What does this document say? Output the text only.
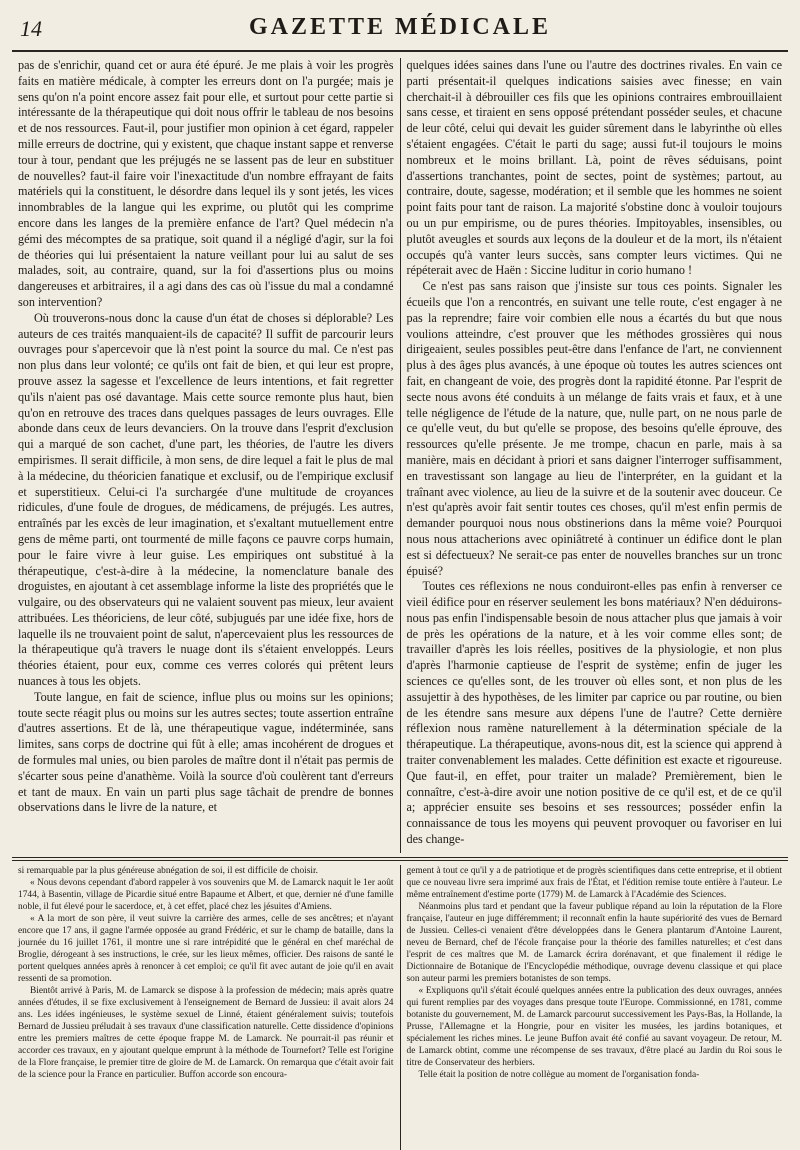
14	GAZETTE MÉDICALE

pas de s'enrichir, quand cet or aura été épuré. Je me plais à voir les progrès faits en matière médicale, à compter les erreurs dont on l'a purgée; mais je sens qu'on n'a point encore assez fait pour elle, et surtout pour cette partie si intéressante de la thérapeutique qui doit nous offrir le tableau de nos besoins et de nos ressources. Faut-il, pour justifier mon opinion à cet égard, rappeler mille erreurs de doctrine, qui y existent, que chaque instant sappe et renverse tour à tour, pendant que les préjugés ne se lassent pas de leur en substituer de nouvelles? faut-il faire voir l'inexactitude d'un nombre effrayant de faits matériels qui la constituent, le désordre dans lequel ils y sont jetés, les vices innombrables de la langue qui les exprime, ou plutôt qui les comprime encore dans les langes de la première enfance de l'art? Quel médecin n'a gémi des mécomptes de sa pratique, soit quand il a négligé d'agir, sur la foi de théories qui lui présentaient la nature veillant pour lui au salut de ses malades, soit, au contraire, quand, sur la foi d'assertions plus ou moins dangereuses et arbitraires, il a agi dans des cas où l'issue du mal a condamné son intervention?

Où trouverons-nous donc la cause d'un état de choses si déplorable? Les auteurs de ces traités manquaient-ils de capacité? Il suffit de parcourir leurs ouvrages pour s'apercevoir que là n'est point la source du mal. Ce n'est pas non plus dans leur volonté; ce qu'ils ont fait de bien, et qui leur est propre, prouve assez la sagesse et l'excellence de leurs intentions, et fait regretter qu'ils n'aient pas osé davantage. Mais cette source remonte plus haut, bien qu'on en retrouve des traces dans quelques passages de leurs ouvrages. Elle abonde dans ceux de leurs devanciers. On la trouve dans l'esprit d'exclusion qui a marqué de son cachet, d'une part, les théories, de l'autre les divers empirismes. Il serait difficile, à mon sens, de dire lequel a fait le plus de mal à la médecine, du théoricien fanatique et exclusif, ou de l'empirique exclusif et superstitieux. Celui-ci l'a surchargée d'une multitude de croyances ridicules, d'une foule de drogues, de médicamens, de préjugés. Les autres, entraînés par les excès de leur imagination, et s'exaltant mutuellement entre gens de même parti, ont tourmenté de mille façons ce pauvre corps humain, pour le faire vivre à leur guise. Les empiriques ont substitué à la thérapeutique, c'est-à-dire à la médecine, la nomenclature banale des droguistes, en ajoutant à cet assemblage informe la liste des propriétés que le vulgaire, ou des observateurs qui ne valaient souvent pas mieux, leur avaient attribuées. Les théoriciens, de leur côté, subjugués par une idée fixe, hors de laquelle ils ne trouvaient point de salut, n'apercevaient plus les ressources de la thérapeutique qu'à travers le nuage dont ils s'étaient enveloppés. Leurs théories étaient, pour eux, comme ces verres colorés qui prêtent leurs nuances à tous les objets.

Toute langue, en fait de science, influe plus ou moins sur les opinions; toute secte réagit plus ou moins sur les autres sectes; toute assertion entraîne d'autres assertions. Et de là, une thérapeutique vague, indéterminée, sans limites, sans corps de doctrine qui fût à elle; amas incohérent de drogues et de formules mal unies, ou bien paroles de maître dont il n'était pas permis de s'écarter sous peine d'anathème. Voilà la source d'où coulèrent tant d'erreurs et tant de maux. En vain un parti plus sage tâchait de prendre de bonnes observations dans le livre de la nature, et

quelques idées saines dans l'une ou l'autre des doctrines rivales. En vain ce parti présentait-il quelques indications saisies avec finesse; en vain cherchait-il à débrouiller ces fils que les opinions contraires embrouillaient sans cesse, et tiraient en sens opposé prétendant posséder seules, et chacune de leur côté, celui qui devait les guider sûrement dans le labyrinthe où elles s'étaient engagées. C'était le parti du sage; aussi fut-il toujours le moins nombreux et le moins brillant. Là, point de rêves séduisans, point d'assertions tranchantes, point de sectes, point de systèmes; partout, au contraire, doute, sagesse, modération; et il semble que les hommes ne soient point faits pour tant de raison. La majorité s'obstine donc à vouloir toujours ou un pur empirisme, ou de pures théories. Impitoyables, insensibles, ou plutôt aveugles et sourds aux leçons de la douleur et de la mort, ils n'étaient occupés qu'à vanter leurs succès, sans compter leurs victimes. Qui ne répéterait avec de Haën : Siccine luditur in corio humano !

Ce n'est pas sans raison que j'insiste sur tous ces points. Signaler les écueils que l'on a rencontrés, en suivant une telle route, c'est engager à ne pas la reprendre; faire voir combien elle nous a écartés du but que nous voulions atteindre, c'est prouver que les méthodes grossières qui nous dirigeaient, seules possibles peut-être dans l'enfance de l'art, ne conviennent plus à des âges plus avancés, à une époque où toutes les autres sciences ont fait, en changeant de voie, des progrès dont la rapidité étonne. Par l'esprit de secte nous avons été conduits à un mélange de faits vrais et faux, et à une telle négligence de l'étude de la nature, que, nulle part, on ne nous parle de ce qu'elle veut, du but qu'elle se propose, des besoins qu'elle éprouve, des ressources qu'elle présente. Je me trompe, chacun en parle, mais à sa manière, mais en décidant à priori et sans daigner l'interroger suffisamment, en travestissant son langage au lieu de l'interpréter, en la guidant et la traînant avec violence, au lieu de la suivre et de la soutenir avec douceur. Ce n'est qu'après avoir fait sentir toutes ces choses, qu'il m'est enfin permis de demander pourquoi nous nous obstinerions dans la même voie? Pourquoi nous nous attacherions avec opiniâtreté à continuer un édifice dont le plan est si défectueux? Ne serait-ce pas enter de nouvelles branches sur un tronc épuisé?

Toutes ces réflexions ne nous conduiront-elles pas enfin à renverser ce vieil édifice pour en réserver seulement les bons matériaux? N'en déduirons-nous pas enfin l'indispensable besoin de nous attacher plus que jamais à voir de près les opérations de la nature, et à les voir comme elles sont; de travailler d'après les lois réelles, positives de la physiologie, et non plus d'après l'harmonie captieuse de l'esprit de système; enfin de juger les sciences ce qu'elles sont, de les trouver où elles sont, et non plus de les assujettir à des hypothèses, de les limiter par caprice ou par routine, ou bien de les étendre sans mesure aux dépens l'une de l'autre? Cette dernière réflexion nous ramène naturellement à la détermination spéciale de la thérapeutique. La thérapeutique, avons-nous dit, est la science qui apprend à traiter convenablement les malades. Cette définition est exacte et rigoureuse. Que faut-il, en effet, pour traiter un malade? Premièrement, bien le connaître, c'est-à-dire avoir une notion positive de ce qu'il est, et de ce qu'il a; apprécier ensuite ses besoins et ses ressources; posséder enfin la connaissance de tous les moyens qui peuvent provoquer ou favoriser en lui des change-

si remarquable par la plus généreuse abnégation de soi, il est difficile de choisir.

« Nous devons cependant d'abord rappeler à vos souvenirs que M. de Lamarck naquit le 1er août 1744, à Basentin, village de Picardie situé entre Bapaume et Albert, et que, dernier né d'une famille noble, il fut élevé pour le sacerdoce, et, à cet effet, placé chez les jésuites d'Amiens.

« A la mort de son père, il veut suivre la carrière des armes, celle de ses ancêtres; et n'ayant encore que 17 ans, il gagne l'armée opposée au grand Frédéric, et sur le champ de bataille, dans la journée du 16 juillet 1761, il montre une si rare intrépidité que le général en chef maréchal de Broglie, dérogeant à ses instructions, le crée, sur les lieux mêmes, officier. Des raisons de santé le portent quelques années après à renoncer à cet emploi; ce qu'il fit avec autant de joie qu'il en avait ressenti de sa promotion.

Bientôt arrivé à Paris, M. de Lamarck se dispose à la profession de médecin; mais après quatre années d'études, il se fixe exclusivement à l'enseignement de Bernard de Jussieu: il avait alors 24 ans. Les idées ingénieuses, le système sexuel de Linné, étaient généralement suivis; toutefois Bernard de Jussieu préludait à ses travaux d'une classification naturelle. Cette dissidence d'opinions entre les premiers maîtres de cette époque frappe M. de Lamarck. Ne pourrait-il pas réunir et accorder ces travaux, en y ajoutant quelque emprunt à la méthode de Tournefort? Telle est l'origine de la Flore française, le premier titre de gloire de M. de Lamarck. On remarqua que c'était avoir fait de la science pour la France en particulier. Buffon accorde son encoura-

gement à tout ce qu'il y a de patriotique et de progrès scientifiques dans cette entreprise, et il obtient que ce nouveau livre sera imprimé aux frais de l'État, et l'édition remise toute entière à l'auteur. Le même entraînement d'estime porte (1779) M. de Lamarck à l'Académie des Sciences.

Néanmoins plus tard et pendant que la faveur publique répand au loin la réputation de la Flore française, l'auteur en juge différemment; il reconnaît enfin la haute supériorité des vues de Bernard de Jussieu. Celles-ci venaient d'être développées dans le Genera plantarum d'Antoine Laurent, neveu de Bernard, chef de l'école française pour la théorie des familles naturelles; et c'est dans l'esprit de ces maîtres que M. de Lamarck écrira dorénavant, et que finalement il rédige le Dictionnaire de Botanique de l'Encyclopédie méthodique, ouvrage devenu classique et qui place son auteur parmi les premiers botanistes de son temps.

« Expliquons qu'il s'était écoulé quelques années entre la publication des deux ouvrages, années qui furent remplies par des voyages dans presque toute l'Europe. Commissionné, en 1781, comme botaniste du gouvernement, M. de Lamarck parcourut successivement les Pays-Bas, la Hollande, la Prusse, l'Allemagne et la Hongrie, pour en visiter les musées, les jardins botaniques, et spécialement les riches mines. Le jeune Buffon avait été confié au savant voyageur. De retour, M. de Lamarck obtint, comme une récompense de ses travaux, d'être placé au Jardin du Roi sous le titre de Conservateur des herbiers.

Telle était la position de notre collègue au moment de l'organisation fonda-
